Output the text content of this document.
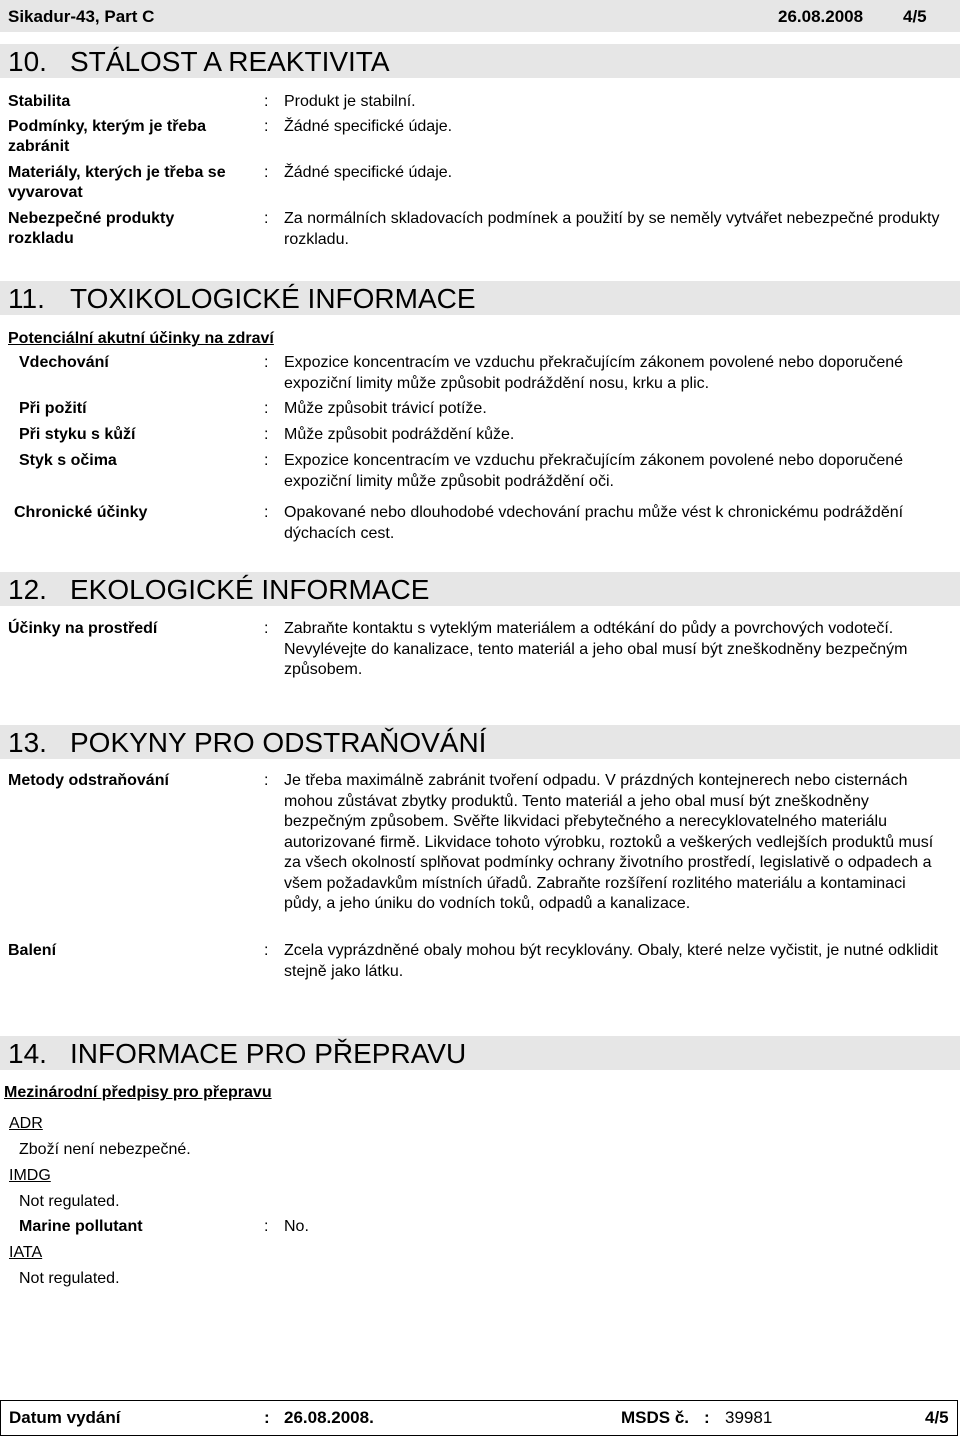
Sikadur-43, Part C	26.08.2008 4/5
10. STÁLOST A REAKTIVITA
Stabilita	: Produkt je stabilní.
Podmínky, kterým je třeba zabránit
: Žádné specifické údaje.
Materiály, kterých je třeba se vyvarovat
: Žádné specifické údaje.
Nebezpečné produkty rozkladu
: Za normálních skladovacích podmínek a použití by se neměly vytvářet nebezpečné produkty rozkladu.
11. TOXIKOLOGICKÉ INFORMACE
Potenciální akutní účinky na zdraví
Vdechování	: Expozice koncentracím ve vzduchu překračujícím zákonem povolené nebo doporučené expoziční limity může způsobit podráždění nosu, krku a plic.
Při požití	: Může způsobit trávicí potíže.
Při styku s kůží	: Může způsobit podráždění kůže.
Styk s očima	: Expozice koncentracím ve vzduchu překračujícím zákonem povolené nebo doporučené expoziční limity může způsobit podráždění oči.
Chronické účinky	: Opakované nebo dlouhodobé vdechování prachu může vést k chronickému podráždění dýchacích cest.
12. EKOLOGICKÉ INFORMACE
Účinky na prostředí	: Zabraňte kontaktu s vyteklým materiálem a odtékání do půdy a povrchových vodotečí. Nevylévejte do kanalizace, tento materiál a jeho obal musí být zneškodněny bezpečným způsobem.
13. POKYNY PRO ODSTRAŇOVÁNÍ
Metody odstraňování	: Je třeba maximálně zabránit tvoření odpadu. V prázdných kontejnerech nebo cisternách mohou zůstávat zbytky produktů. Tento materiál a jeho obal musí být zneškodněny bezpečným způsobem. Svěřte likvidaci přebytečného a nerecyklovatelného materiálu autorizované firmě. Likvidace tohoto výrobku, roztoků a veškerých vedlejších produktů musí za všech okolností splňovat podmínky ochrany životního prostředí, legislativě o odpadech a všem požadavkům místních úřadů. Zabraňte rozšíření rozlitého materiálu a kontaminaci půdy, a jeho úniku do vodních toků, odpadů a kanalizace.
Balení	: Zcela vyprázdněné obaly mohou být recyklovány. Obaly, které nelze vyčistit, je nutné odklidit stejně jako látku.
14. INFORMACE PRO PŘEPRAVU
Mezinárodní předpisy pro přepravu
ADR
Zboží není nebezpečné.
IMDG
Not regulated.
Marine pollutant	: No.
IATA
Not regulated.
Datum vydání	: 26.08.2008.	MSDS č. : 39981	4/5
